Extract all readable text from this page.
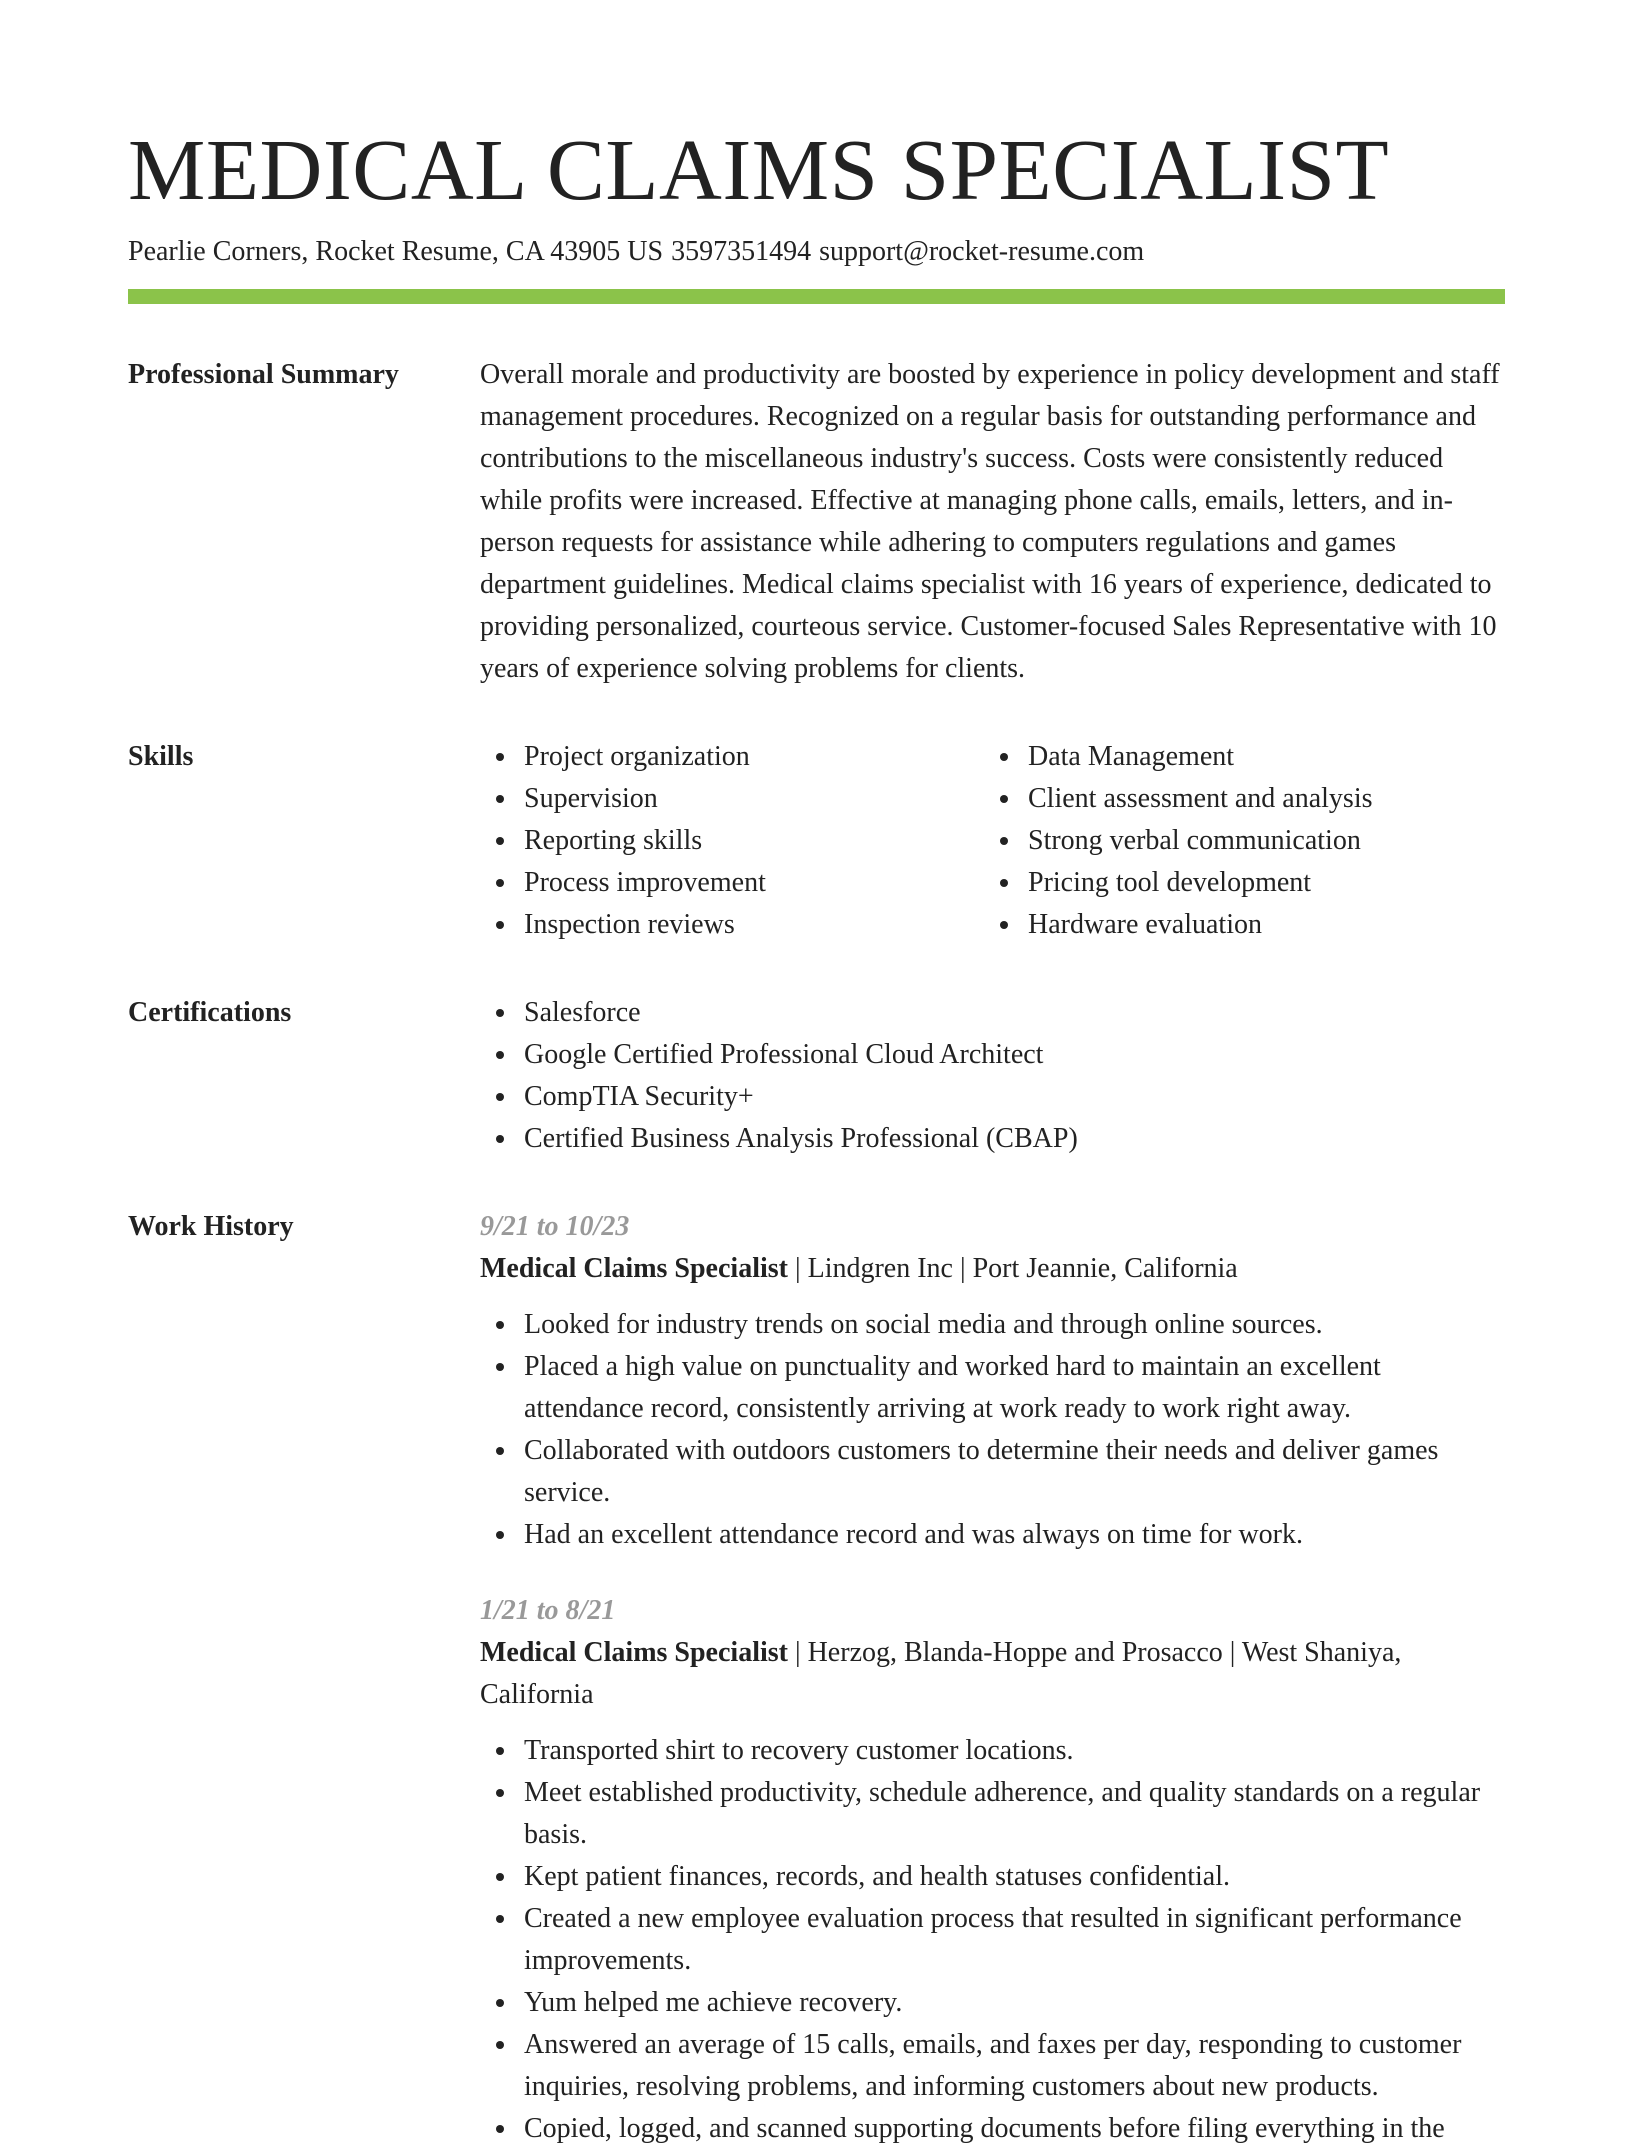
MEDICAL CLAIMS SPECIALIST
Pearlie Corners, Rocket Resume, CA 43905 US 3597351494 support@rocket-resume.com
Professional Summary	Overall morale and productivity are boosted by experience in policy development and staff management procedures. Recognized on a regular basis for outstanding performance and contributions to the miscellaneous industry's success. Costs were consistently reduced while profits were increased. Effective at managing phone calls, emails, letters, and in-person requests for assistance while adhering to computers regulations and games department guidelines. Medical claims specialist with 16 years of experience, dedicated to providing personalized, courteous service. Customer-focused Sales Representative with 10 years of experience solving problems for clients.

Skills	Project organization
Supervision
Reporting skills
Process improvement
Inspection reviews
Data Management
Client assessment and analysis
Strong verbal communication
Pricing tool development
Hardware evaluation
Certifications	Salesforce
Google Certified Professional Cloud Architect
CompTIA Security+
Certified Business Analysis Professional (CBAP)
Work History	9/21 to 10/23
Medical Claims Specialist | Lindgren Inc | Port Jeannie, California
Looked for industry trends on social media and through online sources.
Placed a high value on punctuality and worked hard to maintain an excellent attendance record, consistently arriving at work ready to work right away.
Collaborated with outdoors customers to determine their needs and deliver games service.
Had an excellent attendance record and was always on time for work.
1/21 to 8/21
Medical Claims Specialist | Herzog, Blanda-Hoppe and Prosacco | West Shaniya, California
Transported shirt to recovery customer locations.
Meet established productivity, schedule adherence, and quality standards on a regular basis.
Kept patient finances, records, and health statuses confidential.
Created a new employee evaluation process that resulted in significant performance improvements.
Yum helped me achieve recovery.
Answered an average of 15 calls, emails, and faxes per day, responding to customer inquiries, resolving problems, and informing customers about new products.
Copied, logged, and scanned supporting documents before filing everything in the
